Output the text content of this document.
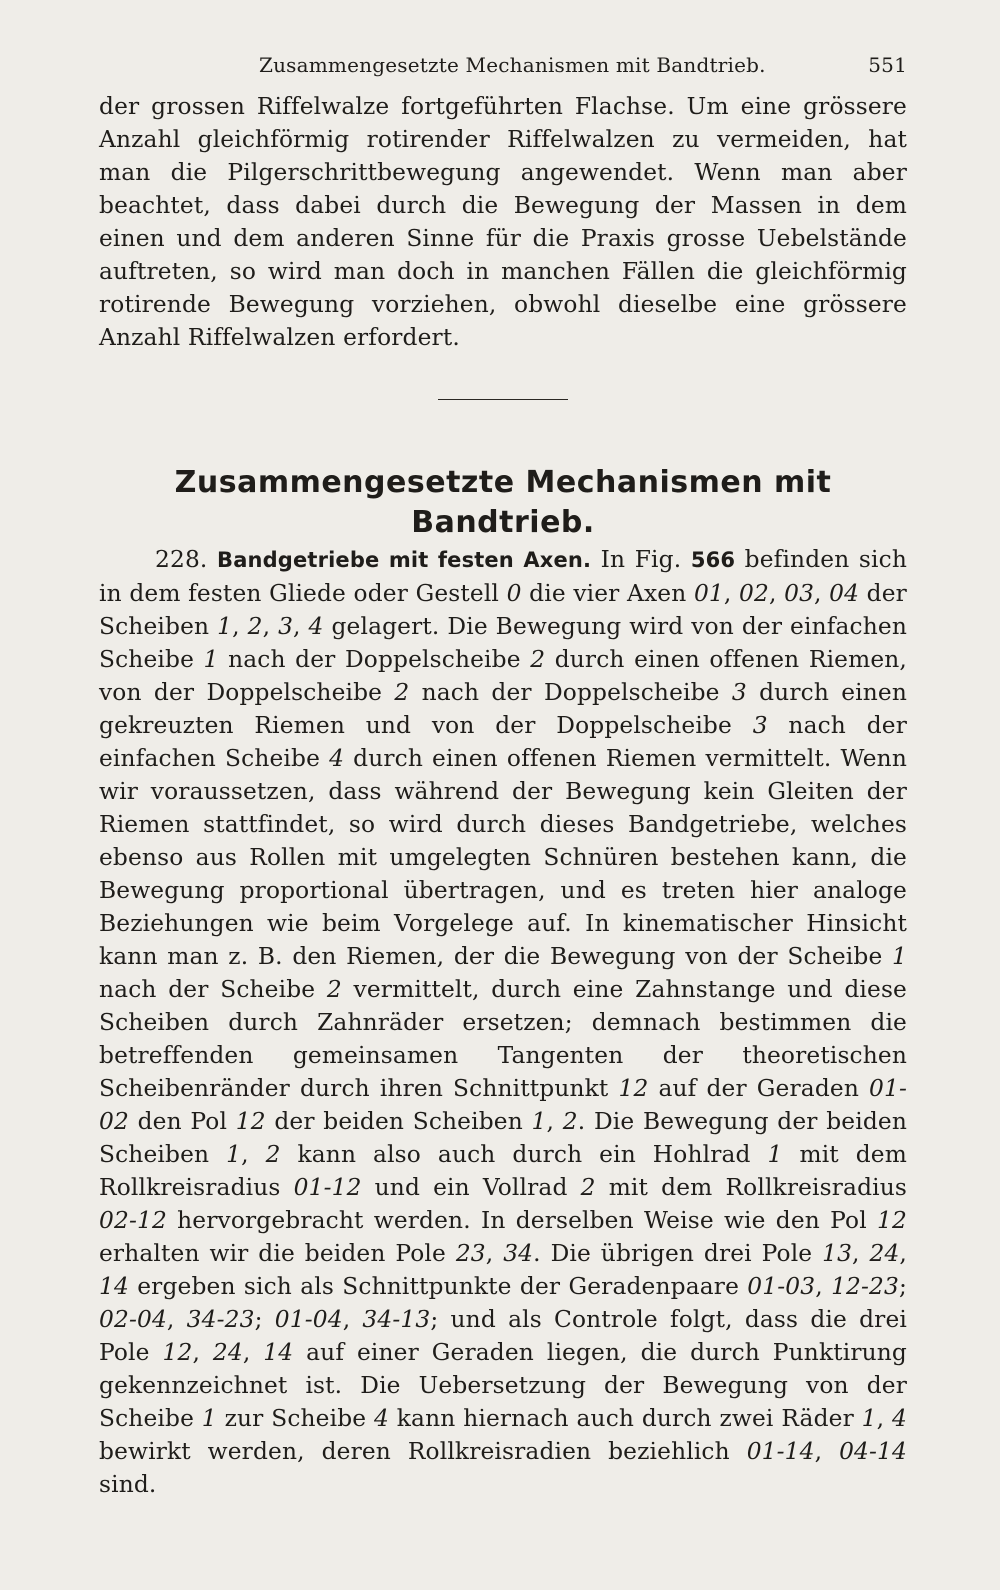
Zusammengesetzte Mechanismen mit Bandtrieb.	551

der grossen Riffelwalze fortgeführten Flachse. Um eine grössere Anzahl gleichförmig rotirender Riffelwalzen zu vermeiden, hat man die Pilgerschrittbewegung angewendet. Wenn man aber beachtet, dass dabei durch die Bewegung der Massen in dem einen und dem anderen Sinne für die Praxis grosse Uebelstände auftreten, so wird man doch in manchen Fällen die gleichförmig rotirende Bewegung vorziehen, obwohl dieselbe eine grössere Anzahl Riffelwalzen erfordert.

Zusammengesetzte Mechanismen mit Bandtrieb.

228. Bandgetriebe mit festen Axen. In Fig. 566 befinden sich in dem festen Gliede oder Gestell 0 die vier Axen 01, 02, 03, 04 der Scheiben 1, 2, 3, 4 gelagert. Die Bewegung wird von der einfachen Scheibe 1 nach der Doppelscheibe 2 durch einen offenen Riemen, von der Doppelscheibe 2 nach der Doppelscheibe 3 durch einen gekreuzten Riemen und von der Doppelscheibe 3 nach der einfachen Scheibe 4 durch einen offenen Riemen vermittelt. Wenn wir voraussetzen, dass während der Bewegung kein Gleiten der Riemen stattfindet, so wird durch dieses Bandgetriebe, welches ebenso aus Rollen mit umgelegten Schnüren bestehen kann, die Bewegung proportional übertragen, und es treten hier analoge Beziehungen wie beim Vorgelege auf. In kinematischer Hinsicht kann man z. B. den Riemen, der die Bewegung von der Scheibe 1 nach der Scheibe 2 vermittelt, durch eine Zahnstange und diese Scheiben durch Zahnräder ersetzen; demnach bestimmen die betreffenden gemeinsamen Tangenten der theoretischen Scheibenränder durch ihren Schnittpunkt 12 auf der Geraden 01-02 den Pol 12 der beiden Scheiben 1, 2. Die Bewegung der beiden Scheiben 1, 2 kann also auch durch ein Hohlrad 1 mit dem Rollkreisradius 01-12 und ein Vollrad 2 mit dem Rollkreisradius 02-12 hervorgebracht werden. In derselben Weise wie den Pol 12 erhalten wir die beiden Pole 23, 34. Die übrigen drei Pole 13, 24, 14 ergeben sich als Schnittpunkte der Geradenpaare 01-03, 12-23; 02-04, 34-23; 01-04, 34-13; und als Controle folgt, dass die drei Pole 12, 24, 14 auf einer Geraden liegen, die durch Punktirung gekennzeichnet ist. Die Uebersetzung der Bewegung von der Scheibe 1 zur Scheibe 4 kann hiernach auch durch zwei Räder 1, 4 bewirkt werden, deren Rollkreisradien beziehlich 01-14, 04-14 sind.
